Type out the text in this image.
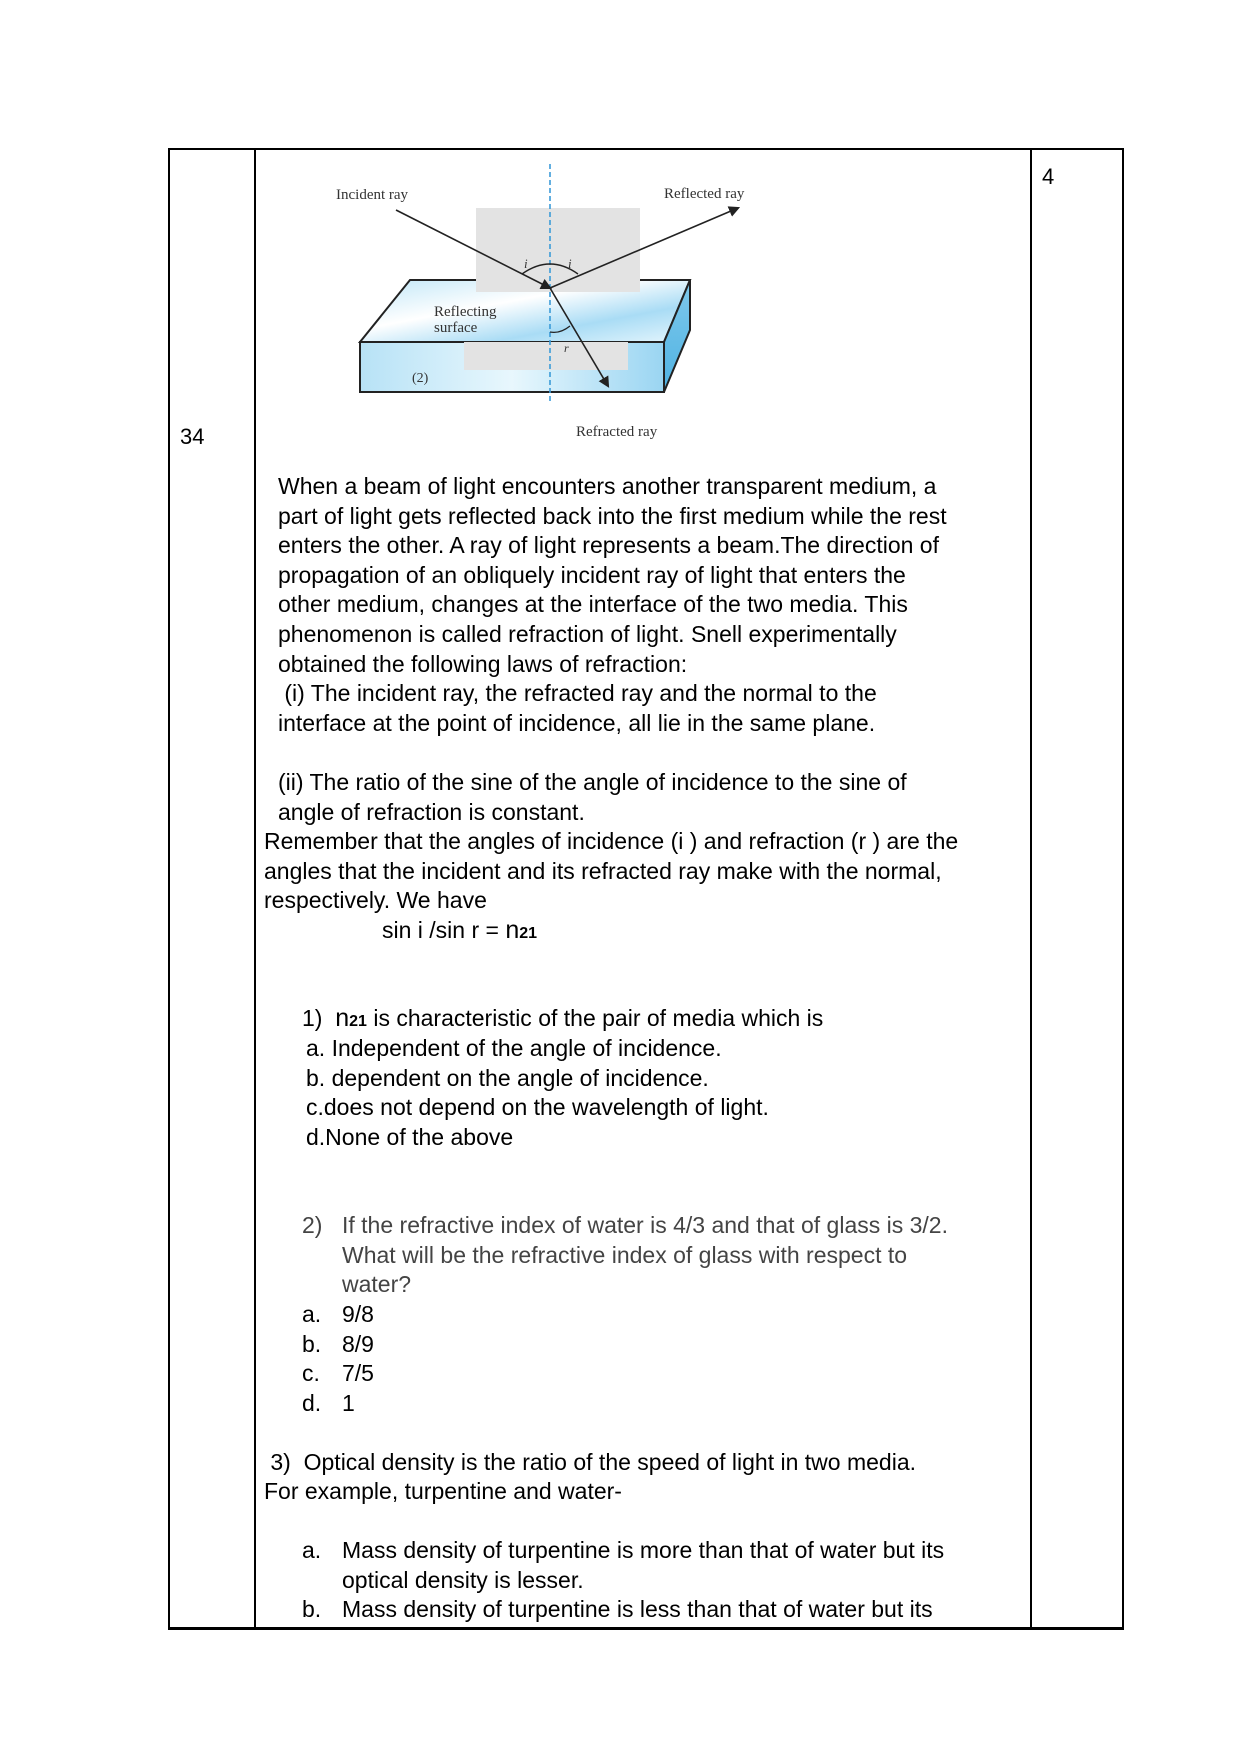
34
4
Incident ray	Reflected ray
Refracted ray
Reflecting
surface
(2)
i	i
r
When a beam of light encounters another transparent medium, a
part of light gets reflected back into the first medium while the rest
enters the other. A ray of light represents a beam.The direction of
propagation of an obliquely incident ray of light that enters the
other medium, changes at the interface of the two media. This
phenomenon is called refraction of light. Snell experimentally
obtained the following laws of refraction:
(i) The incident ray, the refracted ray and the normal to the
interface at the point of incidence, all lie in the same plane.
(ii) The ratio of the sine of the angle of incidence to the sine of
angle of refraction is constant.
Remember that the angles of incidence (i ) and refraction (r ) are the
angles that the incident and its refracted ray make with the normal,
respectively. We have
sin i /sin r = n21
1) n21 is characteristic of the pair of media which is
a. Independent of the angle of incidence.
b. dependent on the angle of incidence.
c.does not depend on the wavelength of light.
d.None of the above
2) If the refractive index of water is 4/3 and that of glass is 3/2.
What will be the refractive index of glass with respect to
water?
a. 9/8
b. 8/9
c. 7/5
d. 1
3)  Optical density is the ratio of the speed of light in two media.
For example, turpentine and water-
a. Mass density of turpentine is more than that of water but its
optical density is lesser.
b. Mass density of turpentine is less than that of water but its
